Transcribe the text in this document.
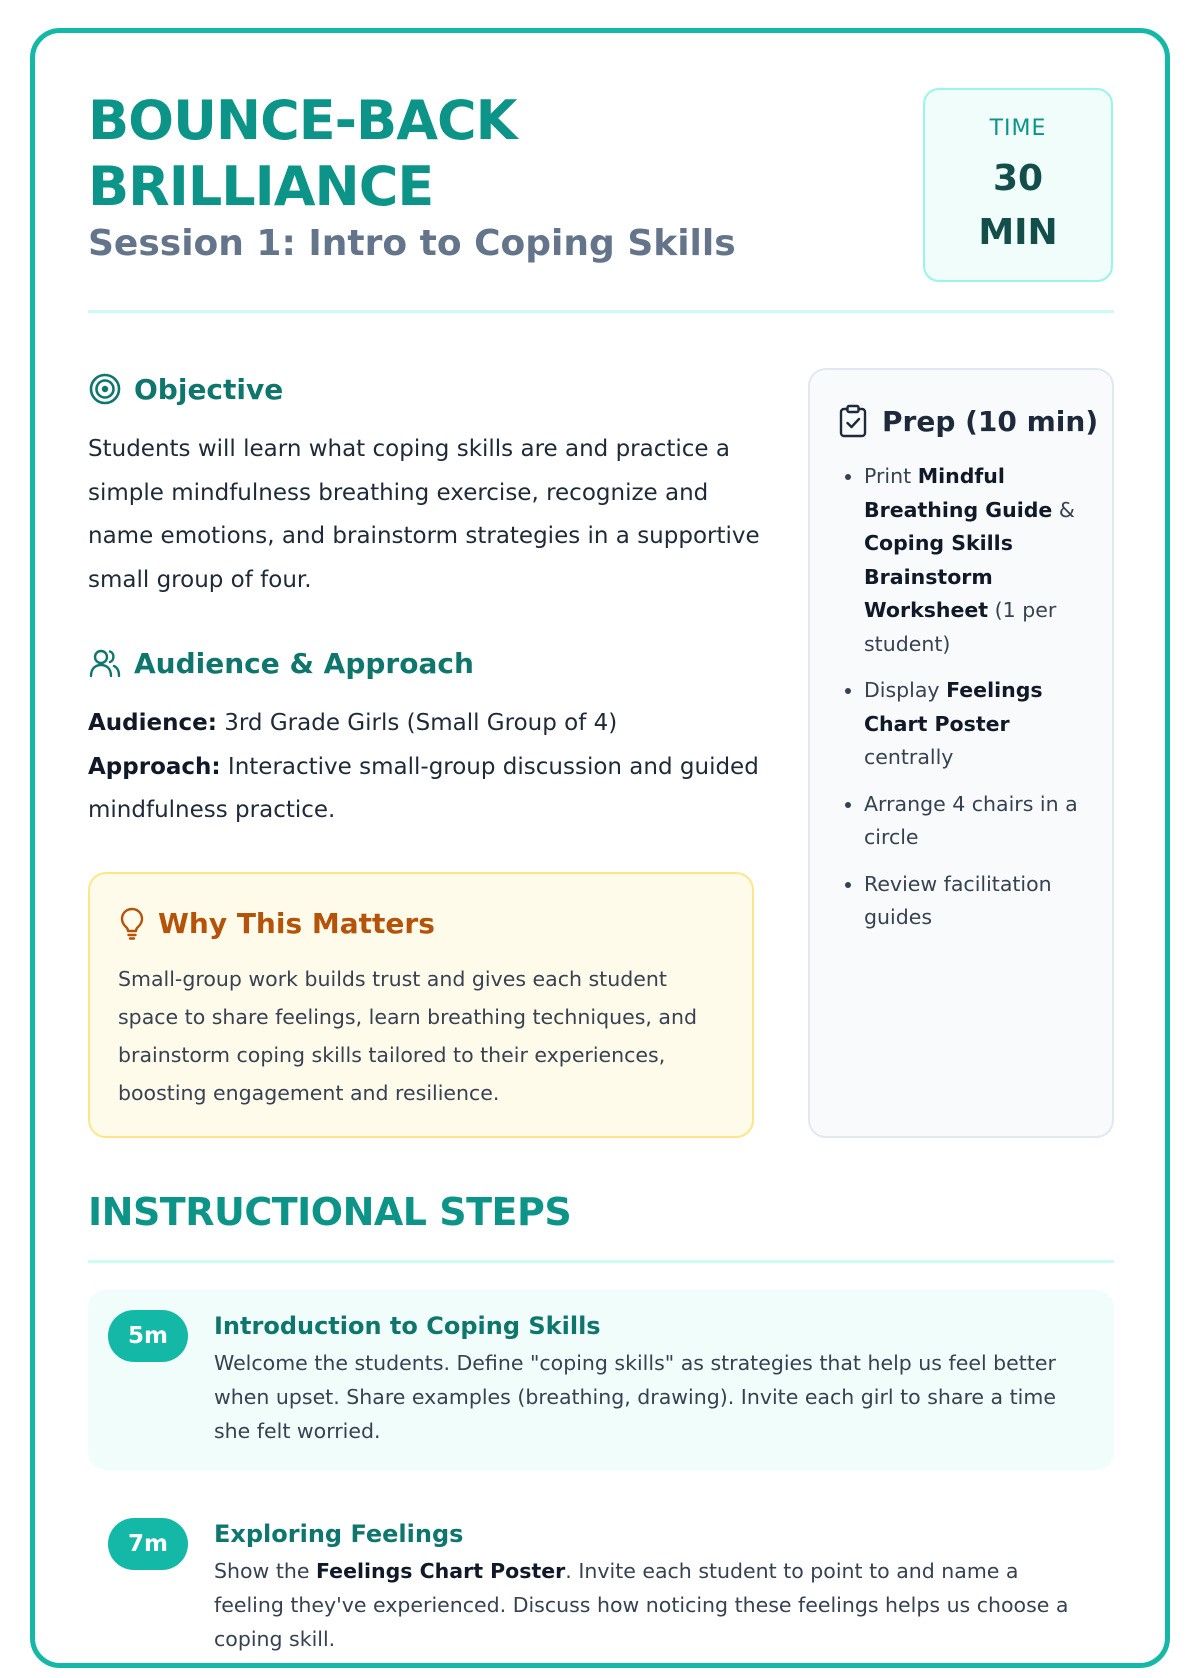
BOUNCE-BACK BRILLIANCE
Session 1: Intro to Coping Skills
TIME
30 MIN
Objective

Students will learn what coping skills are and practice a simple mindfulness breathing exercise, recognize and name emotions, and brainstorm strategies in a supportive small group of four.

Audience & Approach

Audience: 3rd Grade Girls (Small Group of 4)
Approach: Interactive small-group discussion and guided mindfulness practice.

Why This Matters

Small-group work builds trust and gives each student space to share feelings, learn breathing techniques, and brainstorm coping skills tailored to their experiences, boosting engagement and resilience.

Prep (10 min)
• Print Mindful Breathing Guide & Coping Skills Brainstorm Worksheet (1 per student)
• Display Feelings Chart Poster centrally
• Arrange 4 chairs in a circle
• Review facilitation guides
INSTRUCTIONAL STEPS
5m	Introduction to Coping Skills

Welcome the students. Define "coping skills" as strategies that help us feel better when upset. Share examples (breathing, drawing). Invite each girl to share a time she felt worried.

7m	Exploring Feelings

Show the Feelings Chart Poster. Invite each student to point to and name a feeling they've experienced. Discuss how noticing these feelings helps us choose a coping skill.
